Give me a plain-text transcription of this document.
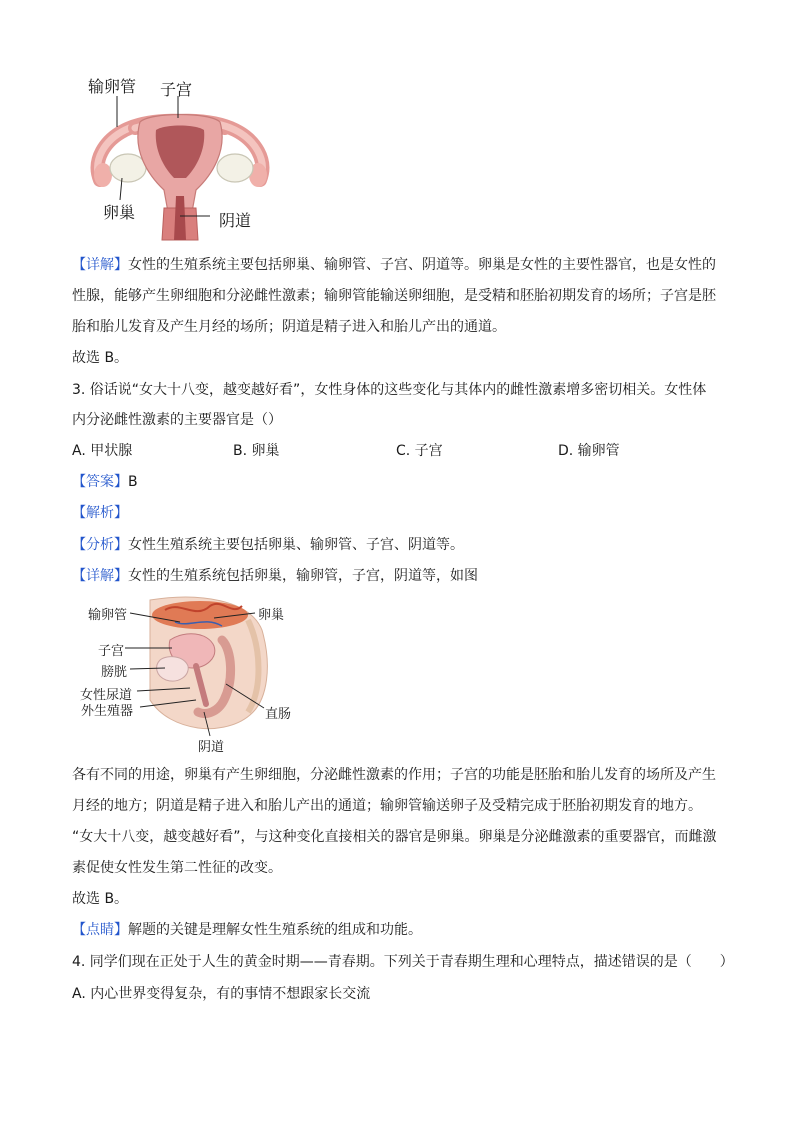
输卵管 子宫
卵巢	阴道
【详解】女性的生殖系统主要包括卵巢、输卵管、子宫、阴道等。卵巢是女性的主要性器官，也是女性的
性腺，能够产生卵细胞和分泌雌性激素；输卵管能输送卵细胞，是受精和胚胎初期发育的场所；子宫是胚
胎和胎儿发育及产生月经的场所；阴道是精子进入和胎儿产出的通道。
故选 B。
3. 俗话说“女大十八变，越变越好看”，女性身体的这些变化与其体内的雌性激素增多密切相关。女性体
内分泌雌性激素的主要器官是（）
A. 甲状腺	B. 卵巢	C. 子宫	D. 输卵管
【答案】B
【解析】
【分析】女性生殖系统主要包括卵巢、输卵管、子宫、阴道等。
【详解】女性的生殖系统包括卵巢，输卵管，子宫，阴道等，如图
输卵管	卵巢
子宫
膀胱
女性尿道
外生殖器	直肠
阴道
各有不同的用途，卵巢有产生卵细胞，分泌雌性激素的作用；子宫的功能是胚胎和胎儿发育的场所及产生
月经的地方；阴道是精子进入和胎儿产出的通道；输卵管输送卵子及受精完成于胚胎初期发育的地方。
“女大十八变，越变越好看”，与这种变化直接相关的器官是卵巢。卵巢是分泌雌激素的重要器官，而雌激
素促使女性发生第二性征的改变。
故选 B。
【点睛】解题的关键是理解女性生殖系统的组成和功能。
4. 同学们现在正处于人生的黄金时期——青春期。下列关于青春期生理和心理特点，描述错误的是（　　）
A. 内心世界变得复杂，有的事情不想跟家长交流
